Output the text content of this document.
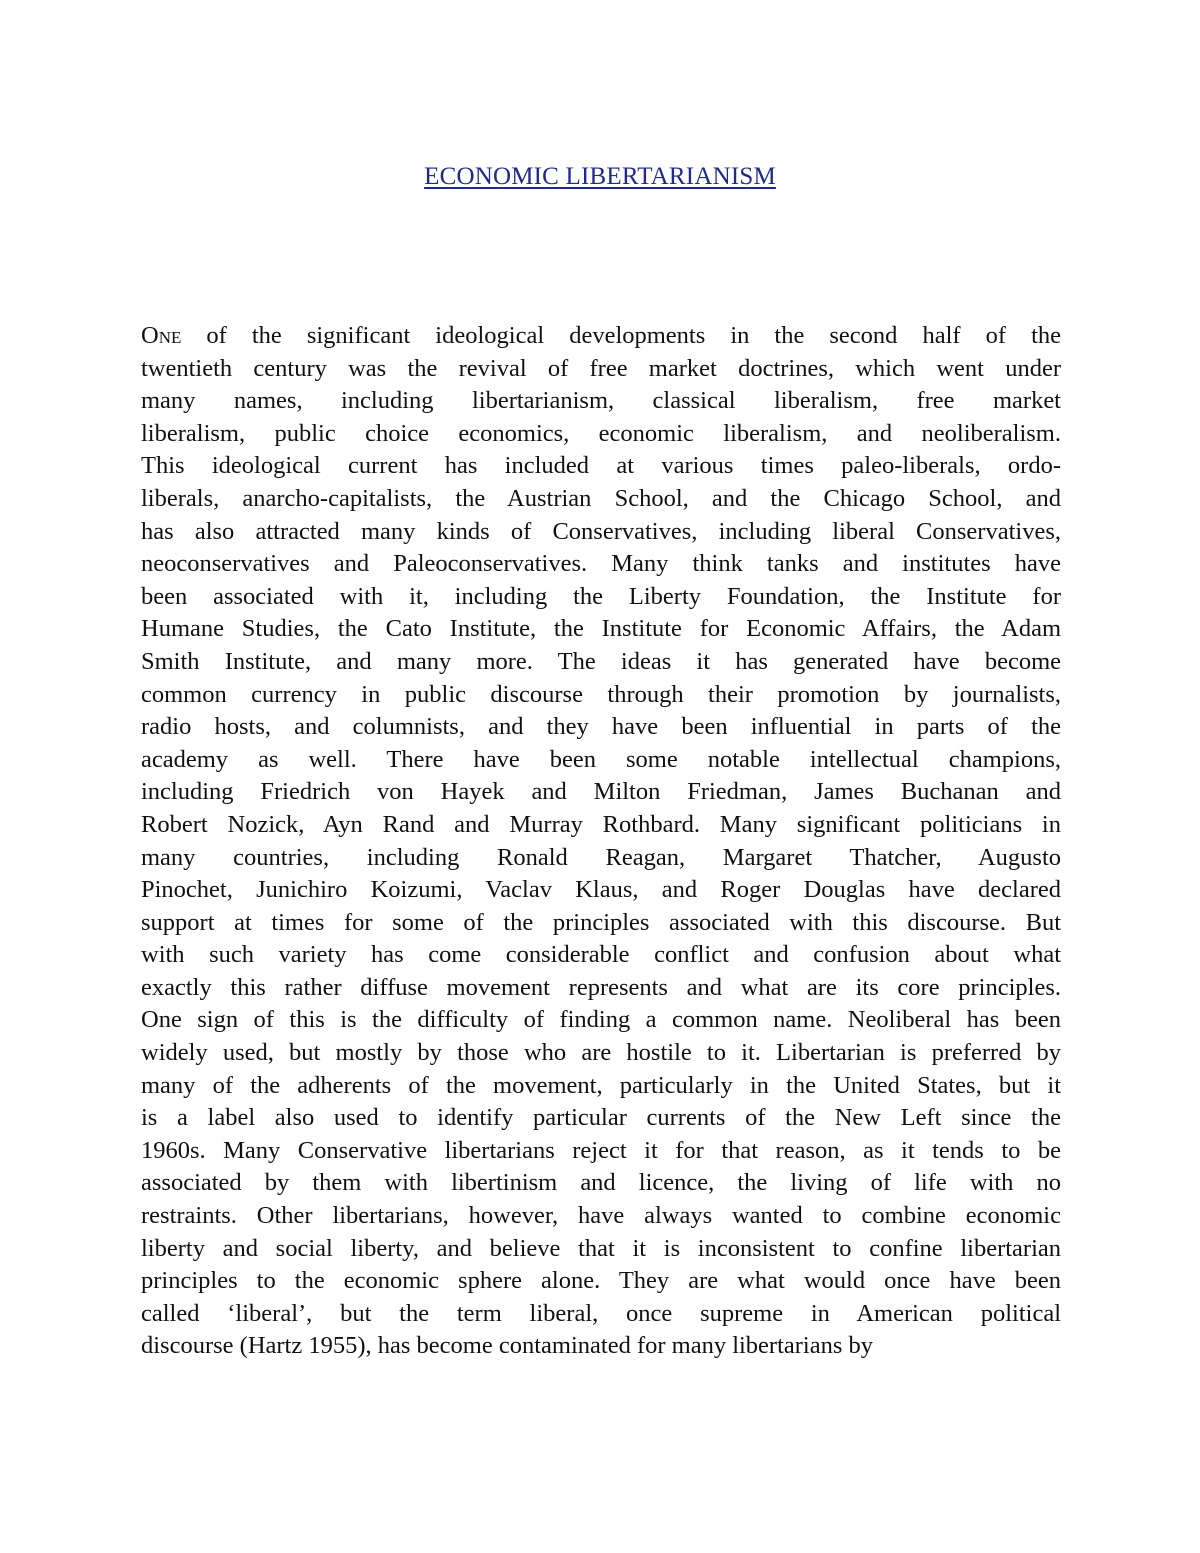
ECONOMIC LIBERTARIANISM
One of the significant ideological developments in the second half of the
twentieth century was the revival of free market doctrines, which went under
many names, including libertarianism, classical liberalism, free market
liberalism, public choice economics, economic liberalism, and neoliberalism.
This ideological current has included at various times paleo-liberals, ordo-
liberals, anarcho-capitalists, the Austrian School, and the Chicago School, and
has also attracted many kinds of Conservatives, including liberal Conservatives,
neoconservatives and Paleoconservatives. Many think tanks and institutes have
been associated with it, including the Liberty Foundation, the Institute for
Humane Studies, the Cato Institute, the Institute for Economic Affairs, the Adam
Smith Institute, and many more. The ideas it has generated have become
common currency in public discourse through their promotion by journalists,
radio hosts, and columnists, and they have been influential in parts of the
academy as well. There have been some notable intellectual champions,
including Friedrich von Hayek and Milton Friedman, James Buchanan and
Robert Nozick, Ayn Rand and Murray Rothbard. Many significant politicians in
many countries, including Ronald Reagan, Margaret Thatcher, Augusto
Pinochet, Junichiro Koizumi, Vaclav Klaus, and Roger Douglas have declared
support at times for some of the principles associated with this discourse. But
with such variety has come considerable conflict and confusion about what
exactly this rather diffuse movement represents and what are its core principles.
One sign of this is the difficulty of finding a common name. Neoliberal has been
widely used, but mostly by those who are hostile to it. Libertarian is preferred by
many of the adherents of the movement, particularly in the United States, but it
is a label also used to identify particular currents of the New Left since the
1960s. Many Conservative libertarians reject it for that reason, as it tends to be
associated by them with libertinism and licence, the living of life with no
restraints. Other libertarians, however, have always wanted to combine economic
liberty and social liberty, and believe that it is inconsistent to confine libertarian
principles to the economic sphere alone. They are what would once have been
called ‘liberal’, but the term liberal, once supreme in American political
discourse (Hartz 1955), has become contaminated for many libertarians by
